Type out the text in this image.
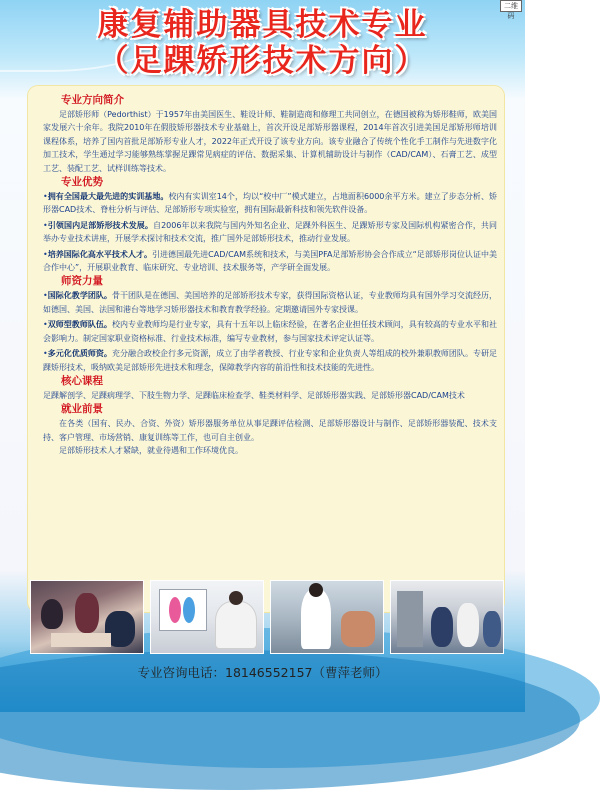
二维码
康复辅助器具技术专业
（足踝矫形技术方向）
专业方向简介

足部矫形师（Pedorthist）于1957年由美国医生、鞋设计师、鞋制造商和修理工共同创立，在德国被称为矫形鞋师，欧美国家发展六十余年。我院2010年在假肢矫形器技术专业基础上，首次开设足部矫形器课程，2014年首次引进美国足部矫形师培训课程体系，培养了国内首批足部矫形专业人才，2022年正式开设了该专业方向。该专业融合了传统个性化手工制作与先进数字化加工技术，学生通过学习能够熟练掌握足踝常见病症的评估、数据采集、计算机辅助设计与制作（CAD/CAM）、石膏工艺、成型工艺、装配工艺、试样训练等技术。

专业优势

•拥有全国最大最先进的实训基地。校内有实训室14个，均以“校中厂”模式建立，占地面积6000余平方米。建立了步态分析、矫形器CAD技术、脊柱分析与评估、足部矫形专项实验室，拥有国际最新科技和领先软件设备。

•引领国内足部矫形技术发展。自2006年以来我院与国内外知名企业、足踝外科医生、足踝矫形专家及国际机构紧密合作，共同举办专业技术讲座，开展学术探讨和技术交流，推广国外足部矫形技术，推动行业发展。

•培养国际化高水平技术人才。引进德国最先进CAD/CAM系统和技术，与美国PFA足部矫形协会合作成立“足部矫形岗位认证中美合作中心”，开展职业教育、临床研究、专业培训、技术服务等，产学研全面发展。

师资力量

•国际化教学团队。骨干团队是在德国、美国培养的足部矫形技术专家，获得国际资格认证，专业教师均具有国外学习交流经历，如德国、美国、法国和港台等地学习矫形器技术和教育教学经验。定期邀请国外专家授课。

•双师型教师队伍。校内专业教师均是行业专家，具有十五年以上临床经验，在著名企业担任技术顾问，具有较高的专业水平和社会影响力。制定国家职业资格标准、行业技术标准，编写专业教材，参与国家技术评定认证等。

•多元化优质师资。充分融合政校企行多元资源，成立了由学者教授、行业专家和企业负责人等组成的校外兼职教师团队。专研足踝矫形技术，吸纳欧美足部矫形先进技术和理念，保障教学内容的前沿性和技术技能的先进性。

核心课程

足踝解剖学、足踝病理学、下肢生物力学、足踝临床检查学、鞋类材料学、足部矫形器实践、足部矫形器CAD/CAM技术

就业前景

在各类（国有、民办、合资、外资）矫形器服务单位从事足踝评估检测、足部矫形器设计与制作、足部矫形器装配、技术支持、客户管理、市场营销、康复训练等工作，也可自主创业。

足部矫形技术人才紧缺，就业待遇和工作环境优良。

专业咨询电话：18146552157（曹萍老师）
